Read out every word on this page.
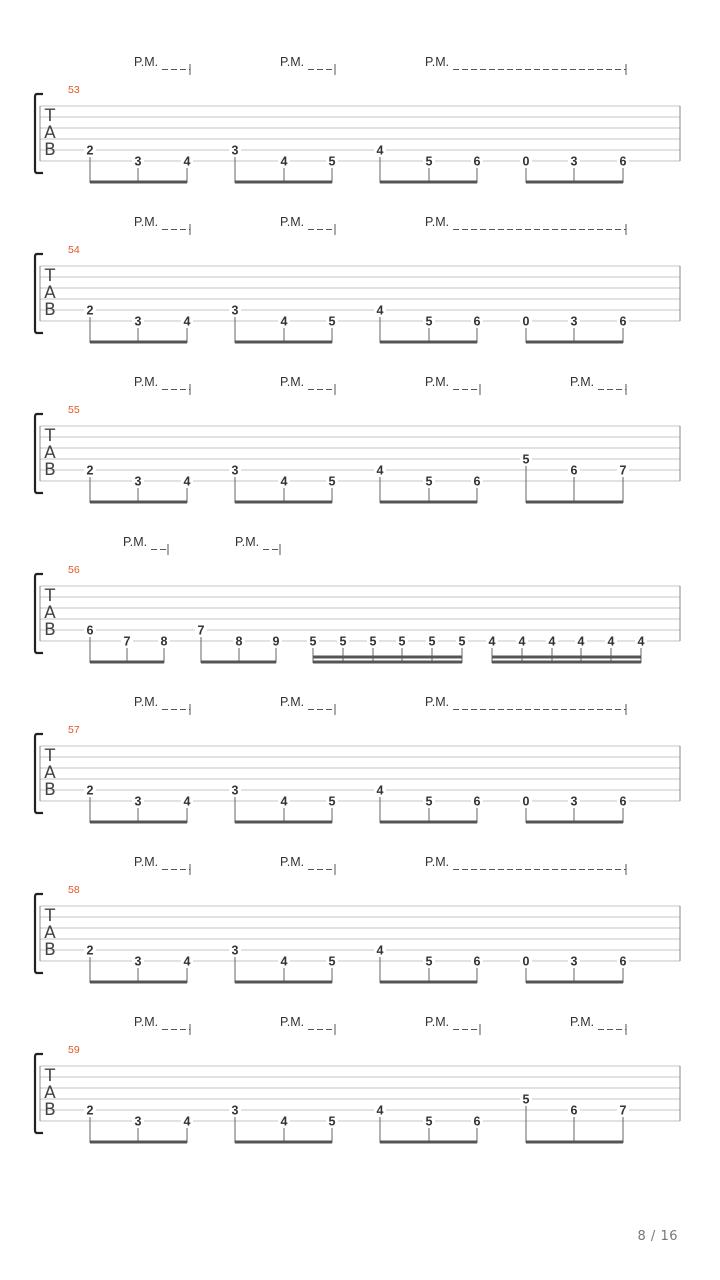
T
A
B
53
P.M.	P.M.	P.M.
2
3	4
3
4	5
4
5	6	0	3	6
T
A
B
54
P.M.	P.M.	P.M.
2
3	4
3
4	5
4
5	6	0	3	6
T
A
B
55
P.M.	P.M.	P.M.	P.M.
2
3	4
3
4	5
4
5	6
5
6	7
T
A
B
56
P.M.	P.M.
6
7 8
7
8 9 5 5 5 5 5 5 4 4 4 4 4 4
T
A
B
57
P.M.	P.M.	P.M.
2
3	4
3
4	5
4
5	6	0	3	6
T
A
B
58
P.M.	P.M.	P.M.
2
3	4
3
4	5
4
5	6	0	3	6
T
A
B
59
P.M.	P.M.	P.M.	P.M.
2
3	4
3
4	5
4
5	6
5
6	7
8 / 16
